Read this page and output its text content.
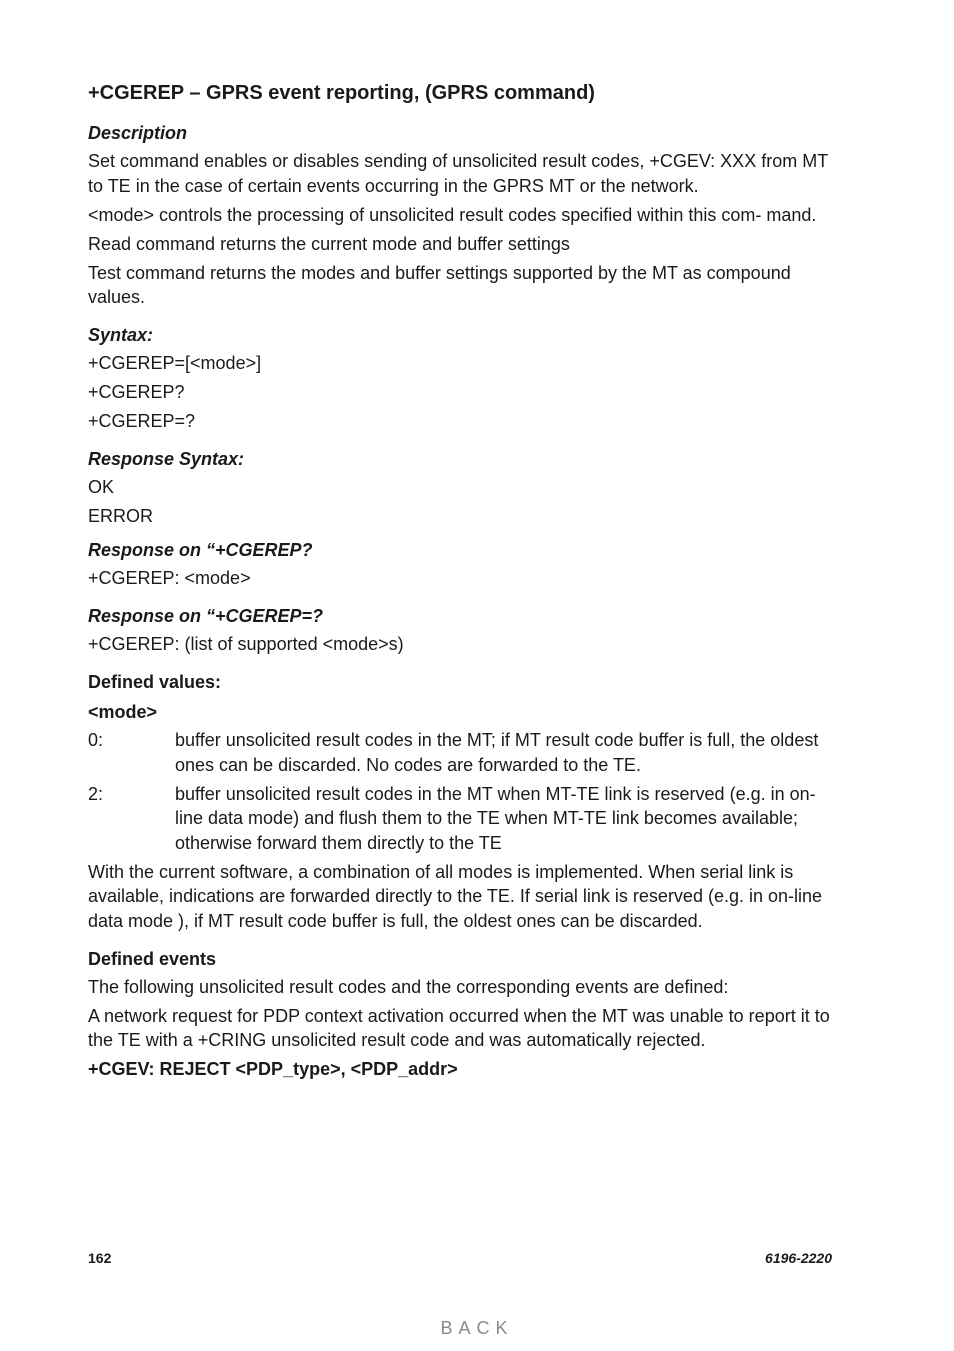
+CGEREP – GPRS event reporting, (GPRS command)
Description

Set command enables or disables sending of unsolicited result codes, +CGEV: XXX from MT to TE in the case of certain events occurring in the GPRS MT or the network.

<mode> controls the processing of unsolicited result codes specified within this com- mand.

Read command returns the current mode and buffer settings

Test command returns the modes and buffer settings supported by the MT as compound values.

Syntax:
+CGEREP=[<mode>]
+CGEREP?
+CGEREP=?
Response Syntax:
OK
ERROR
Response on “+CGEREP?
+CGEREP: <mode>
Response on “+CGEREP=?
+CGEREP: (list of supported <mode>s)
Defined values:
<mode>
0:	buffer unsolicited result codes in the MT; if MT result code buffer is full, the oldest ones can be discarded. No codes are forwarded to the TE.
2:	buffer unsolicited result codes in the MT when MT-TE link is reserved (e.g. in on-line data mode) and flush them to the TE when MT-TE link becomes available; otherwise forward them directly to the TE

With the current software, a combination of all modes is implemented. When serial link is available, indications are forwarded directly to the TE. If serial link is reserved (e.g. in on-line data mode ), if MT result code buffer is full, the oldest ones can be discarded.

Defined events

The following unsolicited result codes and the corresponding events are defined:

A network request for PDP context activation occurred when the MT was unable to report it to the TE with a +CRING unsolicited result code and was automatically rejected.

+CGEV: REJECT <PDP_type>, <PDP_addr>
162	6196-2220
BACK
